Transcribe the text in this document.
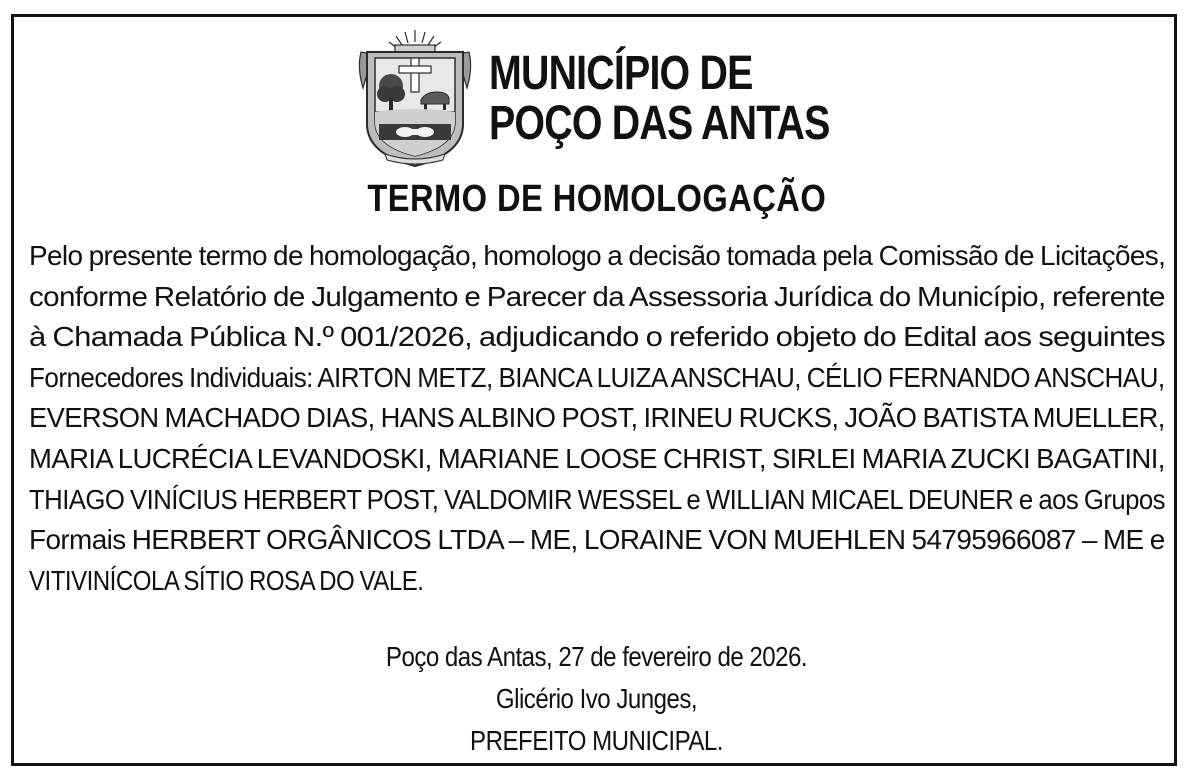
MUNICÍPIO DE
POÇO DAS ANTAS
TERMO DE HOMOLOGAÇÃO
Pelo presente termo de homologação, homologo a decisão tomada pela Comissão de Licitações,
conforme Relatório de Julgamento e Parecer da Assessoria Jurídica do Município, referente
à Chamada Pública N.º 001/2026, adjudicando o referido objeto do Edital aos seguintes
Fornecedores Individuais: AIRTON METZ, BIANCA LUIZA ANSCHAU, CÉLIO FERNANDO ANSCHAU,
EVERSON MACHADO DIAS, HANS ALBINO POST, IRINEU RUCKS, JOÃO BATISTA MUELLER,
MARIA LUCRÉCIA LEVANDOSKI, MARIANE LOOSE CHRIST, SIRLEI MARIA ZUCKI BAGATINI,
THIAGO VINÍCIUS HERBERT POST, VALDOMIR WESSEL e WILLIAN MICAEL DEUNER e aos Grupos
Formais HERBERT ORGÂNICOS LTDA – ME, LORAINE VON MUEHLEN 54795966087 – ME e
VITIVINÍCOLA SÍTIO ROSA DO VALE.
Poço das Antas, 27 de fevereiro de 2026.
Glicério Ivo Junges,
PREFEITO MUNICIPAL.
